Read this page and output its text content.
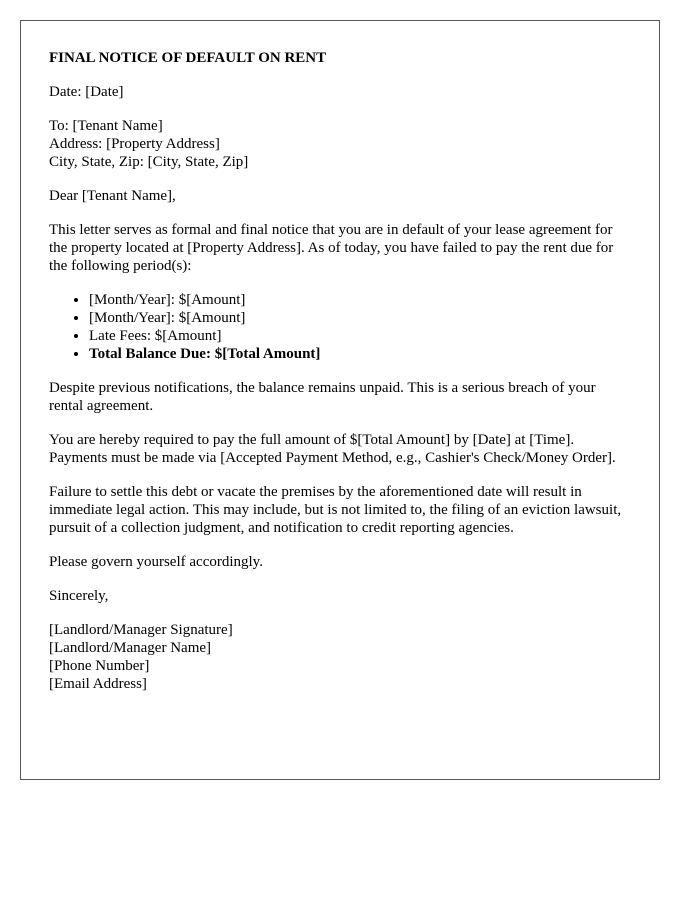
FINAL NOTICE OF DEFAULT ON RENT
Date: [Date]
To: [Tenant Name]
Address: [Property Address]
City, State, Zip: [City, State, Zip]
Dear [Tenant Name],
This letter serves as formal and final notice that you are in default of your lease agreement for the property located at [Property Address]. As of today, you have failed to pay the rent due for the following period(s):
• [Month/Year]: $[Amount]
• [Month/Year]: $[Amount]
• Late Fees: $[Amount]
• Total Balance Due: $[Total Amount]
Despite previous notifications, the balance remains unpaid. This is a serious breach of your rental agreement.
You are hereby required to pay the full amount of $[Total Amount] by [Date] at [Time]. Payments must be made via [Accepted Payment Method, e.g., Cashier's Check/Money Order].
Failure to settle this debt or vacate the premises by the aforementioned date will result in immediate legal action. This may include, but is not limited to, the filing of an eviction lawsuit, pursuit of a collection judgment, and notification to credit reporting agencies.
Please govern yourself accordingly.
Sincerely,
[Landlord/Manager Signature]
[Landlord/Manager Name]
[Phone Number]
[Email Address]
